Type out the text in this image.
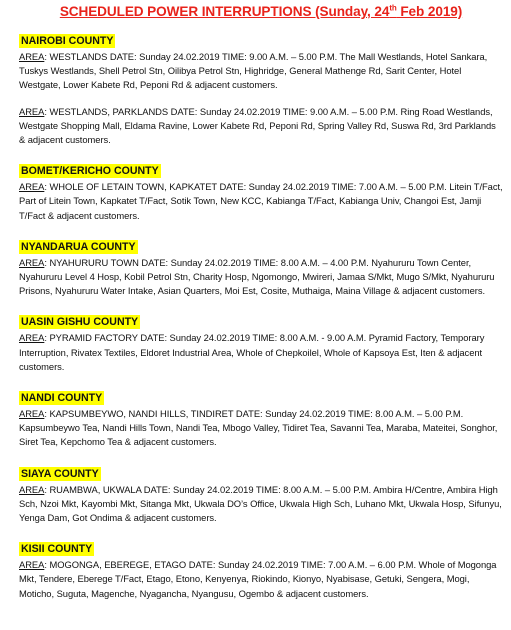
SCHEDULED POWER INTERRUPTIONS (Sunday, 24th Feb 2019)
NAIROBI COUNTY

AREA: WESTLANDS DATE: Sunday 24.02.2019 TIME: 9.00 A.M. – 5.00 P.M. The Mall Westlands, Hotel Sankara, Tuskys Westlands, Shell Petrol Stn, Oilibya Petrol Stn, Highridge, General Mathenge Rd, Sarit Center, Hotel Westgate, Lower Kabete Rd, Peponi Rd & adjacent customers.

AREA: WESTLANDS, PARKLANDS DATE: Sunday 24.02.2019 TIME: 9.00 A.M. – 5.00 P.M. Ring Road Westlands, Westgate Shopping Mall, Eldama Ravine, Lower Kabete Rd, Peponi Rd, Spring Valley Rd, Suswa Rd, 3rd Parklands & adjacent customers.

BOMET/KERICHO COUNTY

AREA: WHOLE OF LETAIN TOWN, KAPKATET DATE: Sunday 24.02.2019 TIME: 7.00 A.M. – 5.00 P.M. Litein T/Fact, Part of Litein Town, Kapkatet T/Fact, Sotik Town, New KCC, Kabianga T/Fact, Kabianga Univ, Changoi Est, Jamji T/Fact & adjacent customers.

NYANDARUA COUNTY

AREA: NYAHURURU TOWN DATE: Sunday 24.02.2019 TIME: 8.00 A.M. – 4.00 P.M. Nyahururu Town Center, Nyahururu Level 4 Hosp, Kobil Petrol Stn, Charity Hosp, Ngomongo, Mwireri, Jamaa S/Mkt, Mugo S/Mkt, Nyahururu Prisons, Nyahururu Water Intake, Asian Quarters, Moi Est, Cosite, Muthaiga, Maina Village & adjacent customers.

UASIN GISHU COUNTY

AREA: PYRAMID FACTORY DATE: Sunday 24.02.2019 TIME: 8.00 A.M. - 9.00 A.M. Pyramid Factory, Temporary Interruption, Rivatex Textiles, Eldoret Industrial Area, Whole of Chepkoilel, Whole of Kapsoya Est, Iten & adjacent customers.

NANDI COUNTY

AREA: KAPSUMBEYWO, NANDI HILLS, TINDIRET DATE: Sunday 24.02.2019 TIME: 8.00 A.M. – 5.00 P.M. Kapsumbeywo Tea, Nandi Hills Town, Nandi Tea, Mbogo Valley, Tidiret Tea, Savanni Tea, Maraba, Mateitei, Songhor, Siret Tea, Kepchomo Tea & adjacent customers.

SIAYA COUNTY

AREA: RUAMBWA, UKWALA DATE: Sunday 24.02.2019 TIME: 8.00 A.M. – 5.00 P.M. Ambira H/Centre, Ambira High Sch, Nzoi Mkt, Kayombi Mkt, Sitanga Mkt, Ukwala DO’s Office, Ukwala High Sch, Luhano Mkt, Ukwala Hosp, Sifunyu, Yenga Dam, Got Ondima & adjacent customers.

KISII COUNTY

AREA: MOGONGA, EBEREGE, ETAGO DATE: Sunday 24.02.2019 TIME: 7.00 A.M. – 6.00 P.M. Whole of Mogonga Mkt, Tendere, Eberege T/Fact, Etago, Etono, Kenyenya, Riokindo, Kionyo, Nyabisase, Getuki, Sengera, Mogi, Moticho, Suguta, Magenche, Nyagancha, Nyangusu, Ogembo & adjacent customers.
